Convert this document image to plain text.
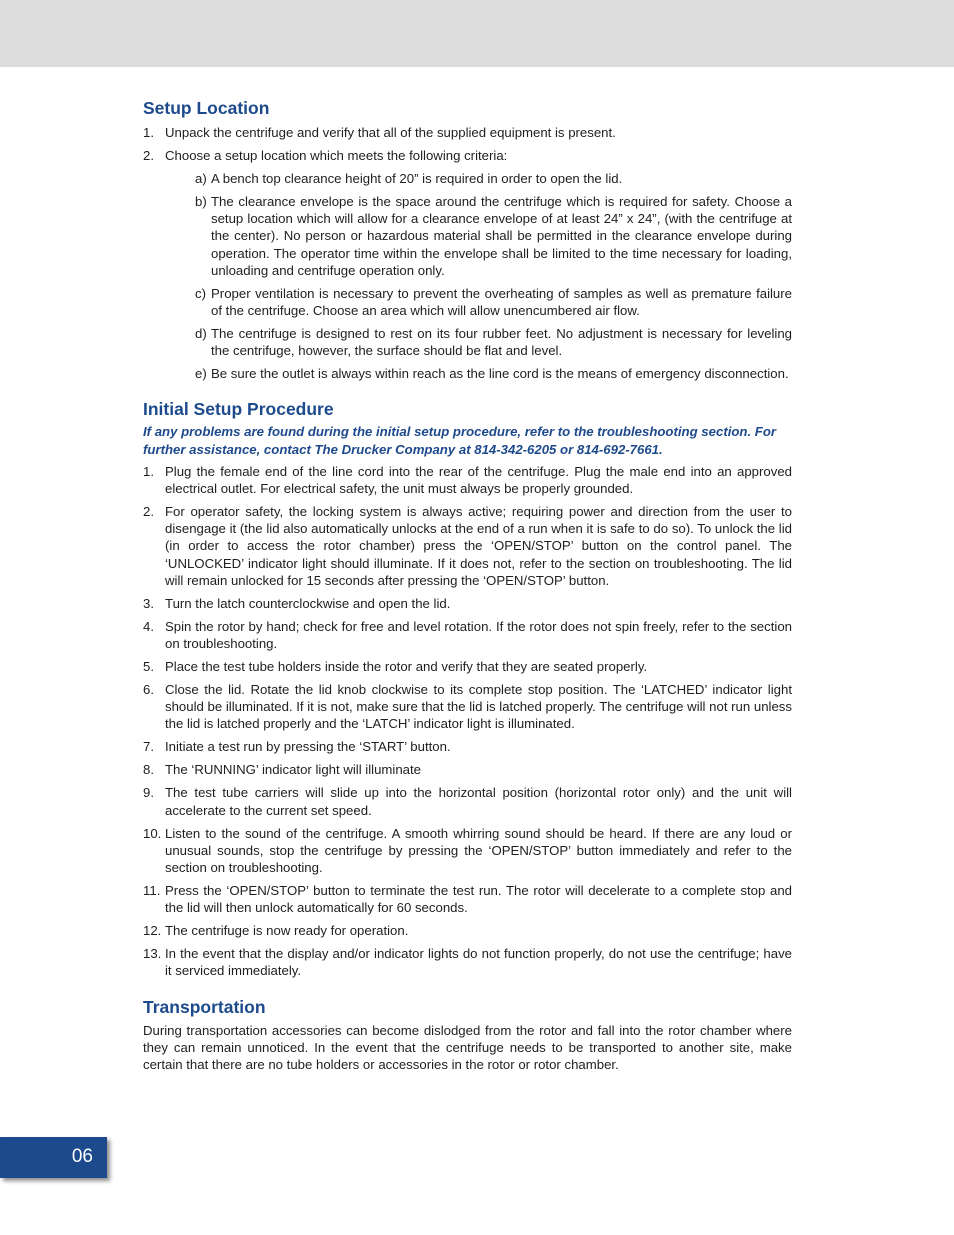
Setup Location
1. Unpack the centrifuge and verify that all of the supplied equipment is present.
2. Choose a setup location which meets the following criteria:
a) A bench top clearance height of 20” is required in order to open the lid.
b) The clearance envelope is the space around the centrifuge which is required for safety. Choose a setup location which will allow for a clearance envelope of at least 24” x 24”, (with the centrifuge at the center). No person or hazardous material shall be permitted in the clearance envelope during operation. The operator time within the envelope shall be limited to the time necessary for loading, unloading and centrifuge operation only.
c) Proper ventilation is necessary to prevent the overheating of samples as well as premature failure of the centrifuge. Choose an area which will allow unencumbered air flow.
d) The centrifuge is designed to rest on its four rubber feet. No adjustment is necessary for leveling the centrifuge, however, the surface should be flat and level.
e) Be sure the outlet is always within reach as the line cord is the means of emergency disconnection.
Initial Setup Procedure
If any problems are found during the initial setup procedure, refer to the troubleshooting section. For further assistance, contact The Drucker Company at 814-342-6205 or 814-692-7661.
1. Plug the female end of the line cord into the rear of the centrifuge. Plug the male end into an approved electrical outlet. For electrical safety, the unit must always be properly grounded.
2. For operator safety, the locking system is always active; requiring power and direction from the user to disengage it (the lid also automatically unlocks at the end of a run when it is safe to do so). To unlock the lid (in order to access the rotor chamber) press the ‘OPEN/STOP’ button on the control panel. The ‘UNLOCKED’ indicator light should illuminate. If it does not, refer to the section on troubleshooting. The lid will remain unlocked for 15 seconds after pressing the ‘OPEN/STOP’ button.
3. Turn the latch counterclockwise and open the lid.
4. Spin the rotor by hand; check for free and level rotation. If the rotor does not spin freely, refer to the section on troubleshooting.
5. Place the test tube holders inside the rotor and verify that they are seated properly.
6. Close the lid. Rotate the lid knob clockwise to its complete stop position. The ‘LATCHED’ indicator light should be illuminated. If it is not, make sure that the lid is latched properly. The centrifuge will not run unless the lid is latched properly and the ‘LATCH’ indicator light is illuminated.
7. Initiate a test run by pressing the ‘START’ button.
8. The ‘RUNNING’ indicator light will illuminate
9. The test tube carriers will slide up into the horizontal position (horizontal rotor only) and the unit will accelerate to the current set speed.
10. Listen to the sound of the centrifuge. A smooth whirring sound should be heard. If there are any loud or unusual sounds, stop the centrifuge by pressing the ‘OPEN/STOP’ button immediately and refer to the section on troubleshooting.
11. Press the ‘OPEN/STOP’ button to terminate the test run. The rotor will decelerate to a complete stop and the lid will then unlock automatically for 60 seconds.
12. The centrifuge is now ready for operation.
13. In the event that the display and/or indicator lights do not function properly, do not use the centrifuge; have it serviced immediately.
Transportation

During transportation accessories can become dislodged from the rotor and fall into the rotor chamber where they can remain unnoticed. In the event that the centrifuge needs to be transported to another site, make certain that there are no tube holders or accessories in the rotor or rotor chamber.

06
